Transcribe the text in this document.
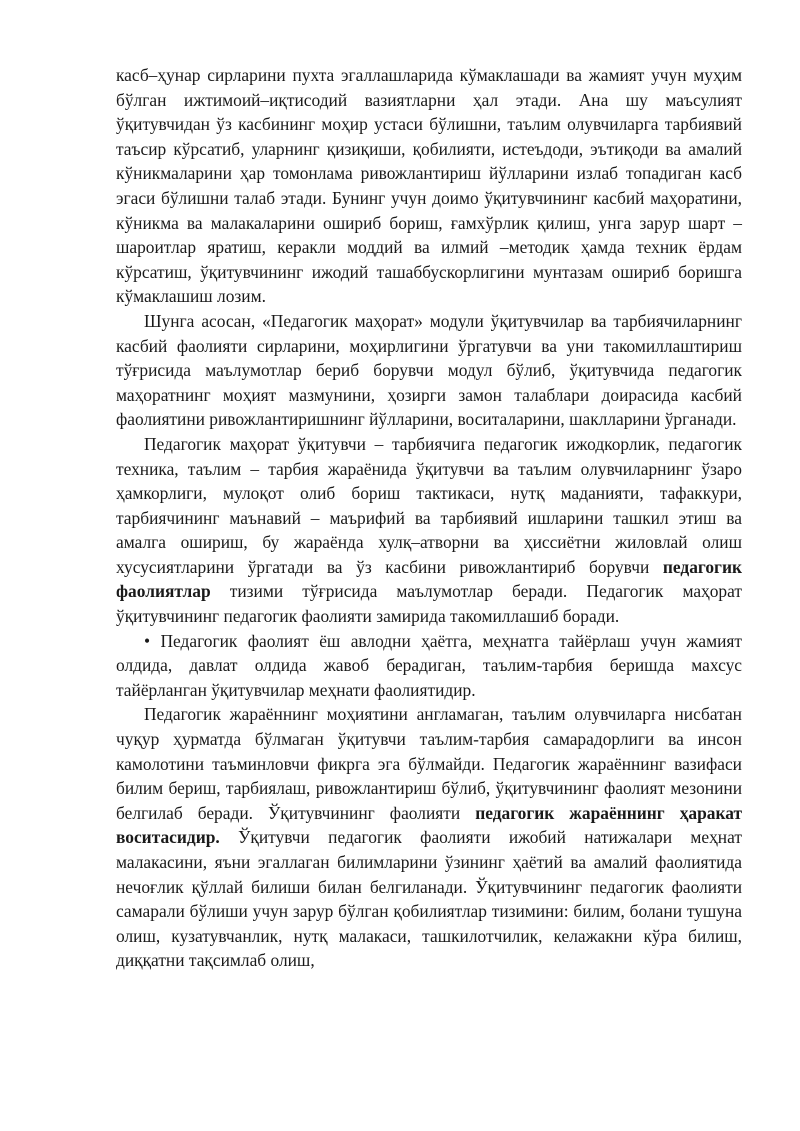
касб–ҳунар сирларини пухта эгаллашларида кўмаклашади ва жамият учун муҳим бўлган ижтимоий–иқтисодий вазиятларни ҳал этади. Ана шу маъсулият ўқитувчидан ўз касбининг моҳир устаси бўлишни, таълим олувчиларга тарбиявий таъсир кўрсатиб, уларнинг қизиқиши, қобилияти, истеъдоди, эътиқоди ва амалий кўникмаларини ҳар томонлама ривожлантириш йўлларини излаб топадиган касб эгаси бўлишни талаб этади. Бунинг учун доимо ўқитувчининг касбий маҳоратини, кўникма ва малакаларини ошириб бориш, ғамхўрлик қилиш, унга зарур шарт – шароитлар яратиш, керакли моддий ва илмий –методик ҳамда техник ёрдам кўрсатиш, ўқитувчининг ижодий ташаббускорлигини мунтазам ошириб боришга кўмаклашиш лозим.

Шунга асосан, «Педагогик маҳорат» модули ўқитувчилар ва тарбиячиларнинг касбий фаолияти сирларини, моҳирлигини ўргатувчи ва уни такомиллаштириш тўғрисида маълумотлар бериб борувчи модул бўлиб, ўқитувчида педагогик маҳоратнинг моҳият мазмунини, ҳозирги замон талаблари доирасида касбий фаолиятини ривожлантиришнинг йўлларини, воситаларини, шаклларини ўрганади.

Педагогик маҳорат ўқитувчи – тарбиячига педагогик ижодкорлик, педагогик техника, таълим – тарбия жараёнида ўқитувчи ва таълим олувчиларнинг ўзаро ҳамкорлиги, мулоқот олиб бориш тактикаси, нутқ маданияти, тафаккури, тарбиячининг маънавий – маърифий ва тарбиявий ишларини ташкил этиш ва амалга ошириш, бу жараёнда хулқ–атворни ва ҳиссиётни жиловлай олиш хусусиятларини ўргатади ва ўз касбини ривожлантириб борувчи педагогик фаолиятлар тизими тўғрисида маълумотлар беради. Педагогик маҳорат ўқитувчининг педагогик фаолияти замирида такомиллашиб боради.

• Педагогик фаолият ёш авлодни ҳаётга, меҳнатга тайёрлаш учун жамият олдида, давлат олдида жавоб берадиган, таълим-тарбия беришда махсус тайёрланган ўқитувчилар меҳнати фаолиятидир.

Педагогик жараённинг моҳиятини англамаган, таълим олувчиларга нисбатан чуқур ҳурматда бўлмаган ўқитувчи таълим-тарбия самарадорлиги ва инсон камолотини таъминловчи фикрга эга бўлмайди. Педагогик жараённинг вазифаси билим бериш, тарбиялаш, ривожлантириш бўлиб, ўқитувчининг фаолият мезонини белгилаб беради. Ўқитувчининг фаолияти педагогик жараённинг ҳаракат воситасидир. Ўқитувчи педагогик фаолияти ижобий натижалари меҳнат малакасини, яъни эгаллаган билимларини ўзининг ҳаётий ва амалий фаолиятида нечоғлик қўллай билиши билан белгиланади. Ўқитувчининг педагогик фаолияти самарали бўлиши учун зарур бўлган қобилиятлар тизимини: билим, болани тушуна олиш, кузатувчанлик, нутқ малакаси, ташкилотчилик, келажакни кўра билиш, диққатни тақсимлаб олиш,
